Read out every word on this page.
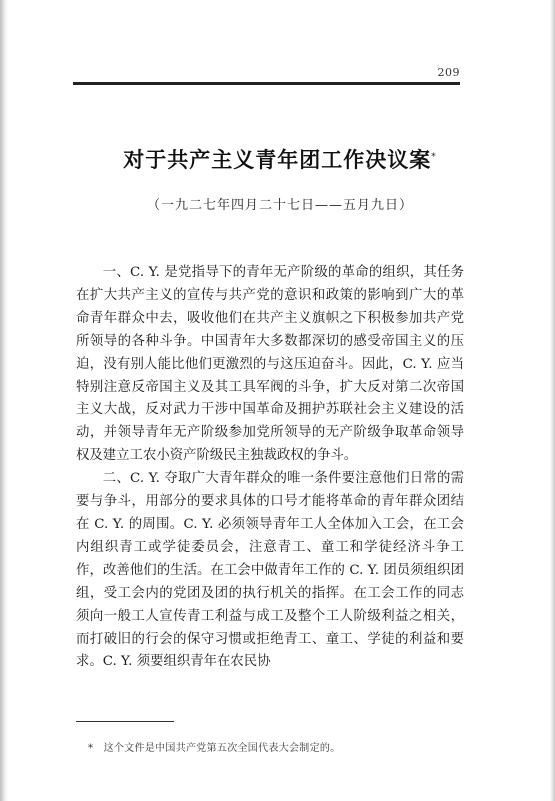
209
对于共产主义青年团工作决议案*
（一九二七年四月二十七日——五月九日）

一、C. Y. 是党指导下的青年无产阶级的革命的组织，其任务在扩大共产主义的宣传与共产党的意识和政策的影响到广大的革命青年群众中去，吸收他们在共产主义旗帜之下积极参加共产党所领导的各种斗争。中国青年大多数都深切的感受帝国主义的压迫，没有别人能比他们更激烈的与这压迫奋斗。因此，C. Y. 应当特别注意反帝国主义及其工具军阀的斗争，扩大反对第二次帝国主义大战，反对武力干涉中国革命及拥护苏联社会主义建设的活动，并领导青年无产阶级参加党所领导的无产阶级争取革命领导权及建立工农小资产阶级民主独裁政权的争斗。

二、C. Y. 夺取广大青年群众的唯一条件要注意他们日常的需要与争斗，用部分的要求具体的口号才能将革命的青年群众团结在 C. Y. 的周围。C. Y. 必须领导青年工人全体加入工会，在工会内组织青工或学徒委员会，注意青工、童工和学徒经济斗争工作，改善他们的生活。在工会中做青年工作的 C. Y. 团员须组织团组，受工会内的党团及团的执行机关的指挥。在工会工作的同志须向一般工人宣传青工利益与成工及整个工人阶级利益之相关，而打破旧的行会的保守习惯或拒绝青工、童工、学徒的利益和要求。C. Y. 须要组织青年在农民协

*　这个文件是中国共产党第五次全国代表大会制定的。
